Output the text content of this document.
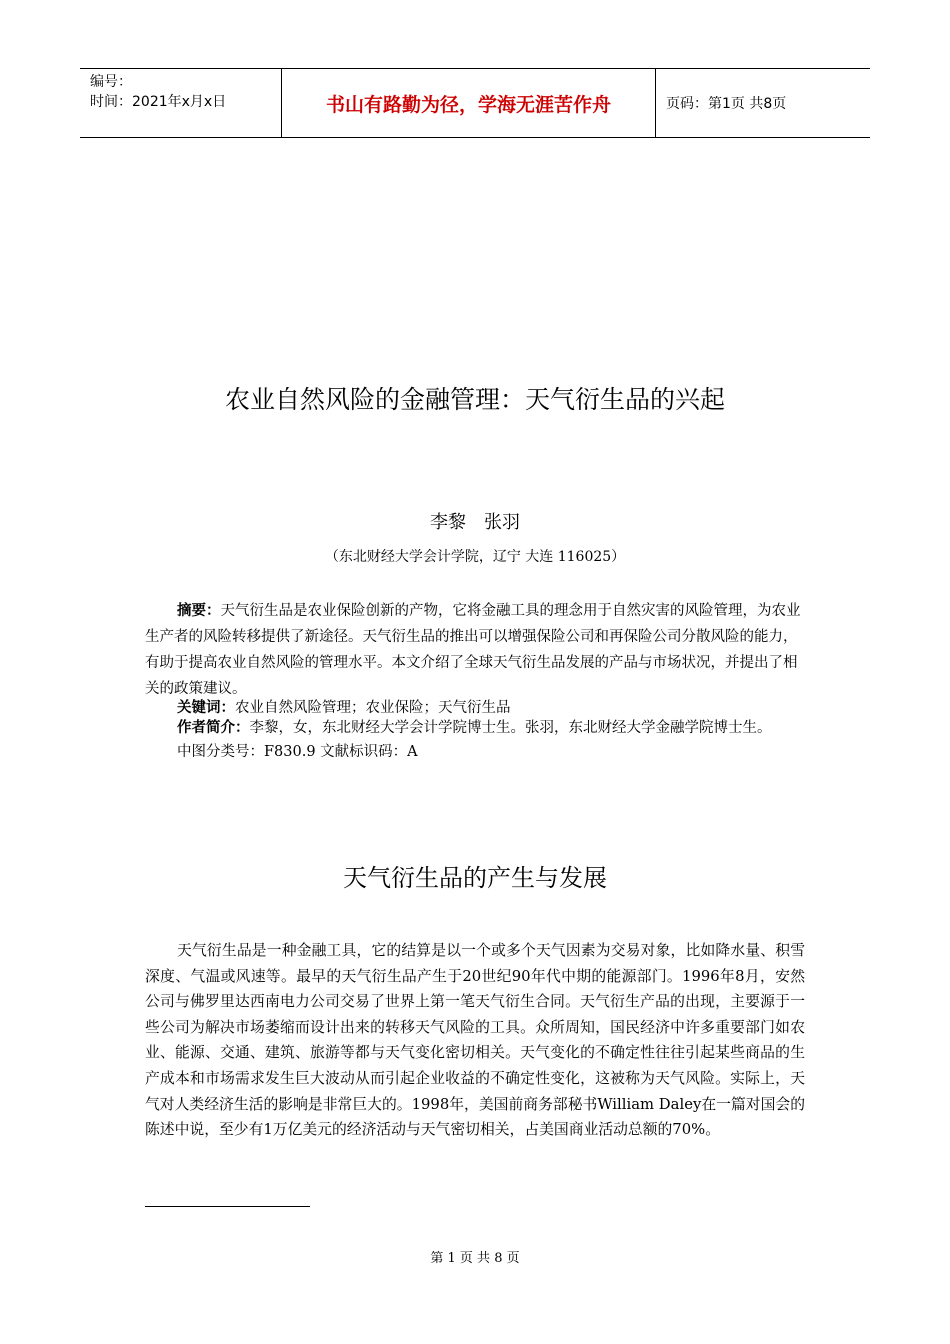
编号：
时间：2021年x月x日	书山有路勤为径，学海无涯苦作舟	页码：第1页 共8页
农业自然风险的金融管理：天气衍生品的兴起
李黎　张羽
（东北财经大学会计学院，辽宁 大连 116025）

摘要：天气衍生品是农业保险创新的产物，它将金融工具的理念用于自然灾害的风险管理，为农业生产者的风险转移提供了新途径。天气衍生品的推出可以增强保险公司和再保险公司分散风险的能力，有助于提高农业自然风险的管理水平。本文介绍了全球天气衍生品发展的产品与市场状况，并提出了相关的政策建议。

关键词：农业自然风险管理；农业保险；天气衍生品

作者简介：李黎，女，东北财经大学会计学院博士生。张羽，东北财经大学金融学院博士生。

中图分类号：F830.9 文献标识码：A

天气衍生品的产生与发展

天气衍生品是一种金融工具，它的结算是以一个或多个天气因素为交易对象，比如降水量、积雪深度、气温或风速等。最早的天气衍生品产生于20世纪90年代中期的能源部门。1996年8月，安然公司与佛罗里达西南电力公司交易了世界上第一笔天气衍生合同。天气衍生产品的出现，主要源于一些公司为解决市场萎缩而设计出来的转移天气风险的工具。众所周知，国民经济中许多重要部门如农业、能源、交通、建筑、旅游等都与天气变化密切相关。天气变化的不确定性往往引起某些商品的生产成本和市场需求发生巨大波动从而引起企业收益的不确定性变化，这被称为天气风险。实际上，天气对人类经济生活的影响是非常巨大的。1998年，美国前商务部秘书William Daley在一篇对国会的陈述中说，至少有1万亿美元的经济活动与天气密切相关，占美国商业活动总额的70%。

第 1 页 共 8 页
